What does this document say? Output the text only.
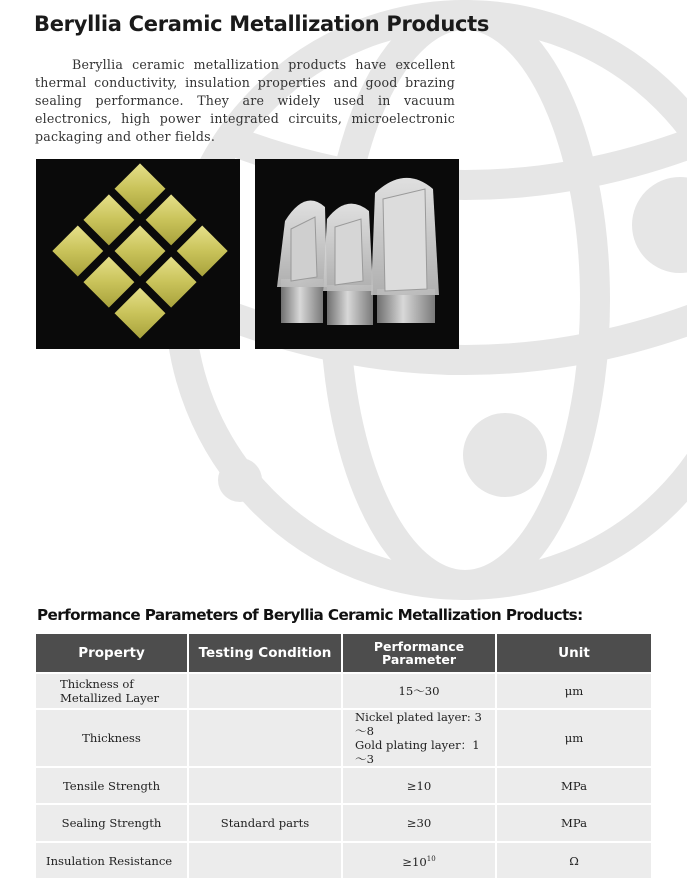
Beryllia Ceramic Metallization Products

Beryllia ceramic metallization products have excellent thermal conductivity, insulation properties and good brazing sealing performance. They are widely used in vacuum electronics, high power integrated circuits, microelectronic packaging and other fields.

Performance Parameters of Beryllia Ceramic Metallization Products:
Property	Testing Condition	Performance
Parameter	Unit
Thickness of
Metallized Layer		15～30	μm
Thickness		Nickel plated layer: 3～8
Gold plating layer：1～3	μm
Tensile Strength		≥10	MPa
Sealing Strength	Standard parts	≥30	MPa
Insulation Resistance		$\ge 10^{10}$	Ω
